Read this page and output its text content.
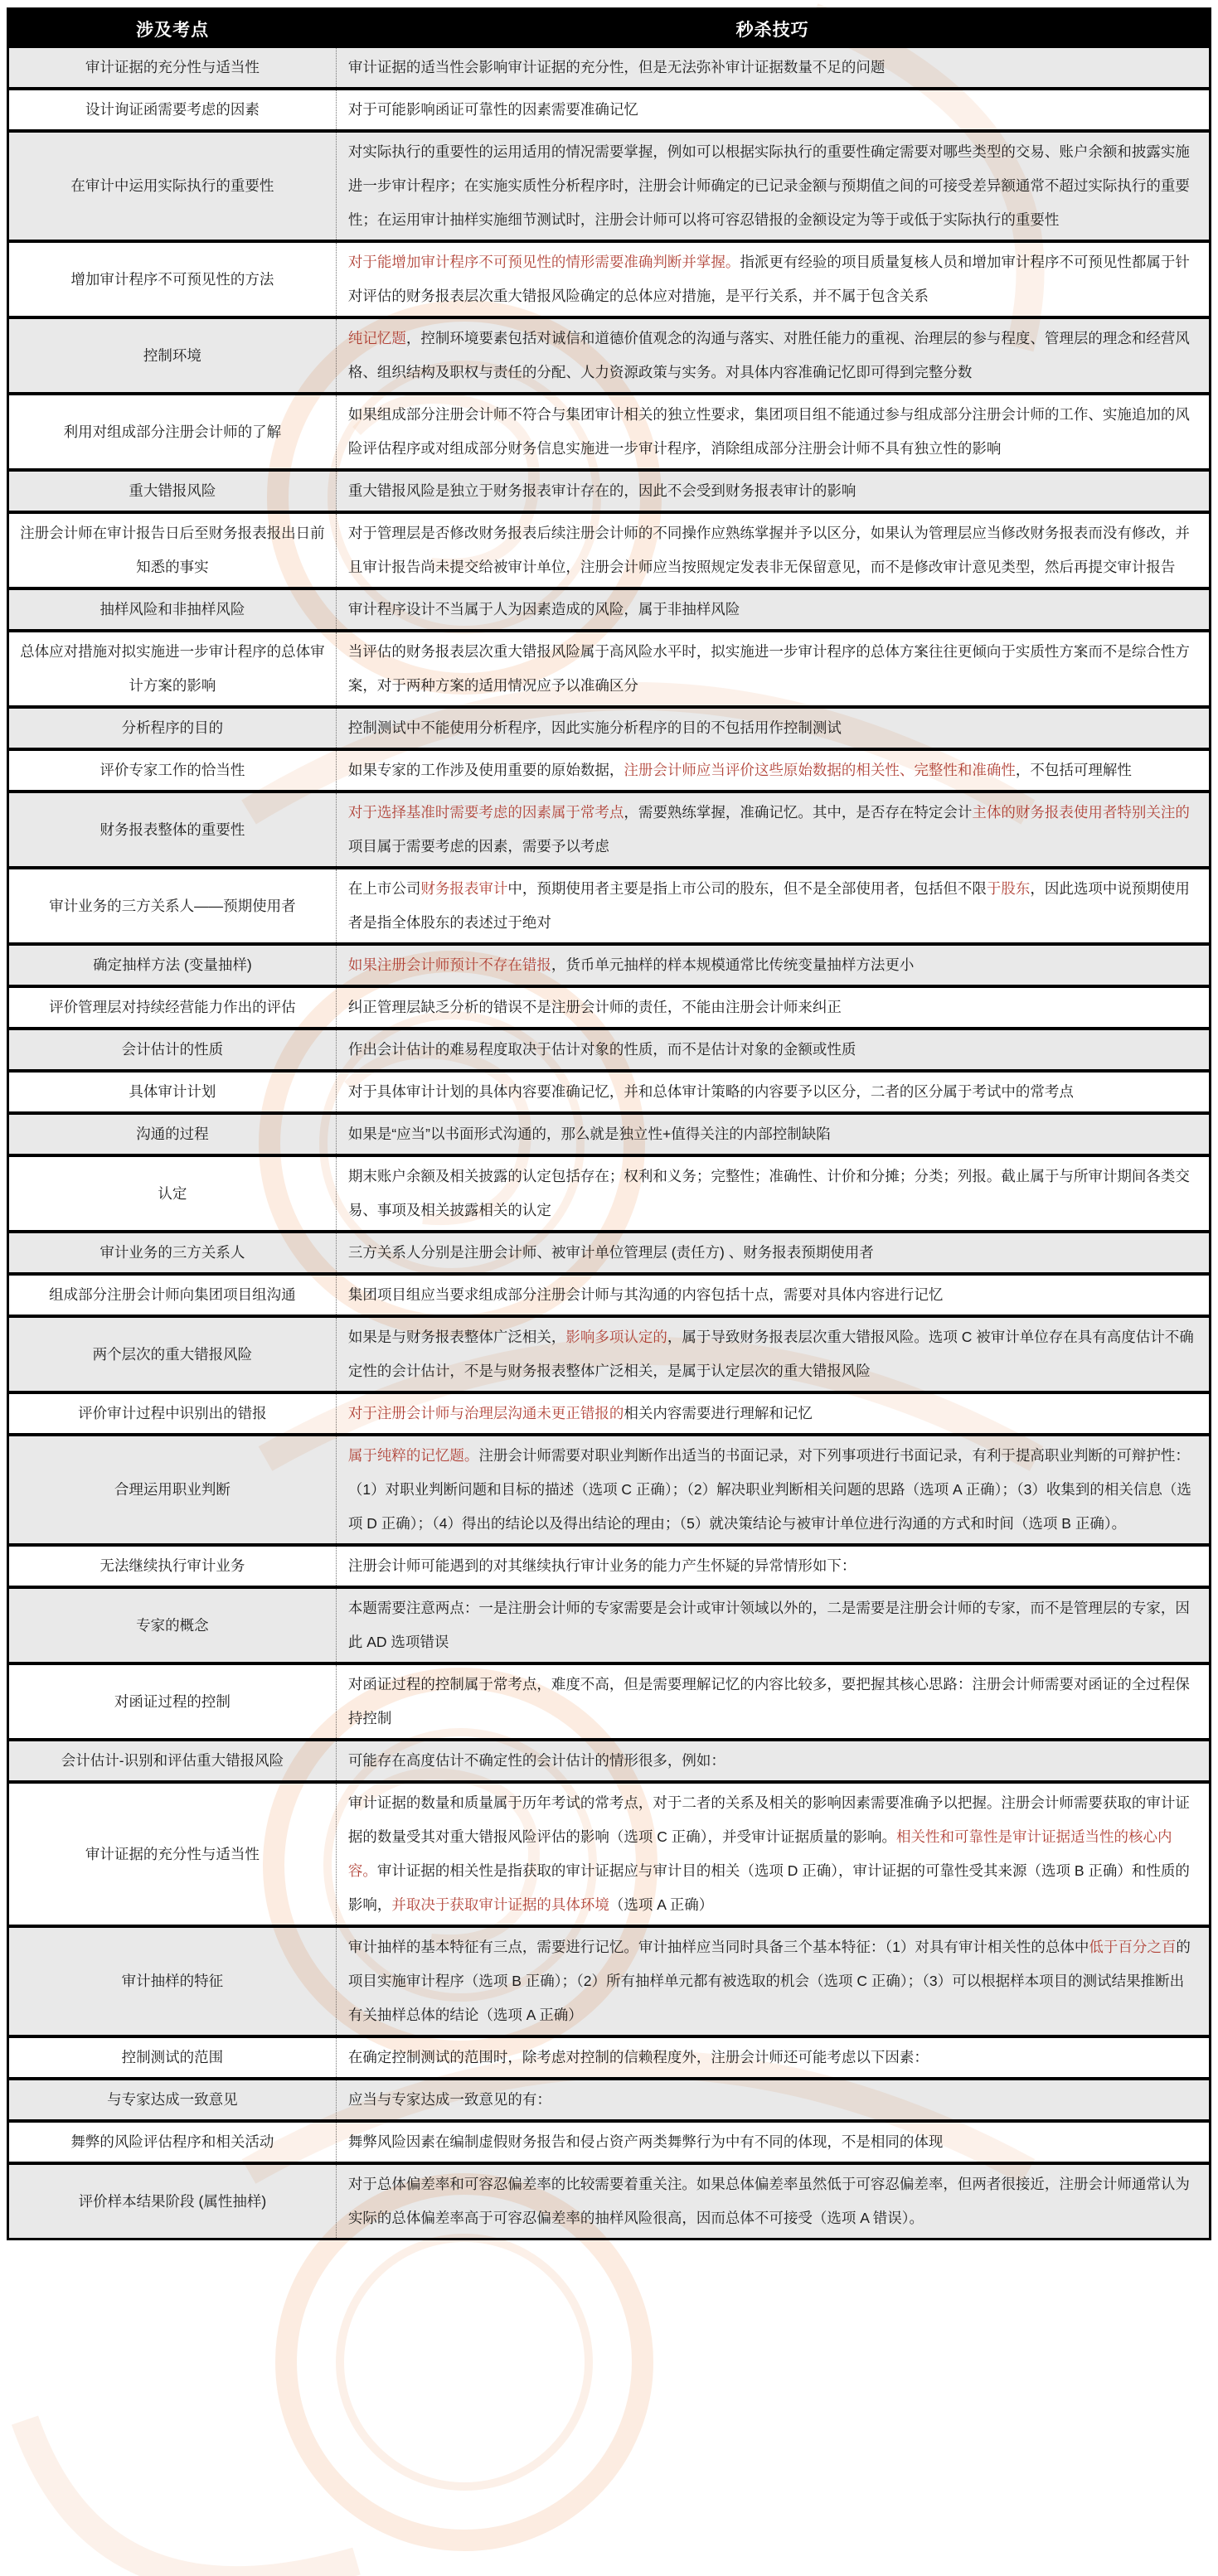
涉及考点	秒杀技巧
审计证据的充分性与适当性	审计证据的适当性会影响审计证据的充分性，但是无法弥补审计证据数量不足的问题
设计询证函需要考虑的因素	对于可能影响函证可靠性的因素需要准确记忆
在审计中运用实际执行的重要性	对实际执行的重要性的运用适用的情况需要掌握，例如可以根据实际执行的重要性确定需要对哪些类型的交易、账户余额和披露实施进一步审计程序；在实施实质性分析程序时，注册会计师确定的已记录金额与预期值之间的可接受差异额通常不超过实际执行的重要性；在运用审计抽样实施细节测试时，注册会计师可以将可容忍错报的金额设定为等于或低于实际执行的重要性
增加审计程序不可预见性的方法	对于能增加审计程序不可预见性的情形需要准确判断并掌握。指派更有经验的项目质量复核人员和增加审计程序不可预见性都属于针对评估的财务报表层次重大错报风险确定的总体应对措施，是平行关系，并不属于包含关系
控制环境	纯记忆题，控制环境要素包括对诚信和道德价值观念的沟通与落实、对胜任能力的重视、治理层的参与程度、管理层的理念和经营风格、组织结构及职权与责任的分配、人力资源政策与实务。对具体内容准确记忆即可得到完整分数
利用对组成部分注册会计师的了解	如果组成部分注册会计师不符合与集团审计相关的独立性要求，集团项目组不能通过参与组成部分注册会计师的工作、实施追加的风险评估程序或对组成部分财务信息实施进一步审计程序，消除组成部分注册会计师不具有独立性的影响
重大错报风险	重大错报风险是独立于财务报表审计存在的，因此不会受到财务报表审计的影响
注册会计师在审计报告日后至财务报表报出日前知悉的事实	对于管理层是否修改财务报表后续注册会计师的不同操作应熟练掌握并予以区分，如果认为管理层应当修改财务报表而没有修改，并且审计报告尚未提交给被审计单位，注册会计师应当按照规定发表非无保留意见，而不是修改审计意见类型，然后再提交审计报告
抽样风险和非抽样风险	审计程序设计不当属于人为因素造成的风险，属于非抽样风险
总体应对措施对拟实施进一步审计程序的总体审计方案的影响	当评估的财务报表层次重大错报风险属于高风险水平时，拟实施进一步审计程序的总体方案往往更倾向于实质性方案而不是综合性方案，对于两种方案的适用情况应予以准确区分
分析程序的目的	控制测试中不能使用分析程序，因此实施分析程序的目的不包括用作控制测试
评价专家工作的恰当性	如果专家的工作涉及使用重要的原始数据，注册会计师应当评价这些原始数据的相关性、完整性和准确性，不包括可理解性
财务报表整体的重要性	对于选择基准时需要考虑的因素属于常考点，需要熟练掌握，准确记忆。其中，是否存在特定会计主体的财务报表使用者特别关注的项目属于需要考虑的因素，需要予以考虑
审计业务的三方关系人——预期使用者	在上市公司财务报表审计中，预期使用者主要是指上市公司的股东，但不是全部使用者，包括但不限于股东，因此选项中说预期使用者是指全体股东的表述过于绝对
确定抽样方法 (变量抽样)	如果注册会计师预计不存在错报，货币单元抽样的样本规模通常比传统变量抽样方法更小
评价管理层对持续经营能力作出的评估	纠正管理层缺乏分析的错误不是注册会计师的责任，不能由注册会计师来纠正
会计估计的性质	作出会计估计的难易程度取决于估计对象的性质，而不是估计对象的金额或性质
具体审计计划	对于具体审计计划的具体内容要准确记忆，并和总体审计策略的内容要予以区分，二者的区分属于考试中的常考点
沟通的过程	如果是“应当”以书面形式沟通的，那么就是独立性+值得关注的内部控制缺陷
认定	期末账户余额及相关披露的认定包括存在；权利和义务；完整性；准确性、计价和分摊；分类；列报。截止属于与所审计期间各类交易、事项及相关披露相关的认定
审计业务的三方关系人	三方关系人分别是注册会计师、被审计单位管理层 (责任方) 、财务报表预期使用者
组成部分注册会计师向集团项目组沟通	集团项目组应当要求组成部分注册会计师与其沟通的内容包括十点，需要对具体内容进行记忆
两个层次的重大错报风险	如果是与财务报表整体广泛相关，影响多项认定的，属于导致财务报表层次重大错报风险。选项 C 被审计单位存在具有高度估计不确定性的会计估计，不是与财务报表整体广泛相关，是属于认定层次的重大错报风险
评价审计过程中识别出的错报	对于注册会计师与治理层沟通未更正错报的相关内容需要进行理解和记忆
合理运用职业判断	属于纯粹的记忆题。注册会计师需要对职业判断作出适当的书面记录，对下列事项进行书面记录，有利于提高职业判断的可辩护性：（1）对职业判断问题和目标的描述（选项 C 正确）；（2）解决职业判断相关问题的思路（选项 A 正确）；（3）收集到的相关信息（选项 D 正确）；（4）得出的结论以及得出结论的理由；（5）就决策结论与被审计单位进行沟通的方式和时间（选项 B 正确）。
无法继续执行审计业务	注册会计师可能遇到的对其继续执行审计业务的能力产生怀疑的异常情形如下：
专家的概念	本题需要注意两点：一是注册会计师的专家需要是会计或审计领域以外的，二是需要是注册会计师的专家，而不是管理层的专家，因此 AD 选项错误
对函证过程的控制	对函证过程的控制属于常考点，难度不高，但是需要理解记忆的内容比较多，要把握其核心思路：注册会计师需要对函证的全过程保持控制
会计估计-识别和评估重大错报风险	可能存在高度估计不确定性的会计估计的情形很多，例如：
审计证据的充分性与适当性	审计证据的数量和质量属于历年考试的常考点，对于二者的关系及相关的影响因素需要准确予以把握。注册会计师需要获取的审计证据的数量受其对重大错报风险评估的影响（选项 C 正确），并受审计证据质量的影响。相关性和可靠性是审计证据适当性的核心内容。审计证据的相关性是指获取的审计证据应与审计目的相关（选项 D 正确），审计证据的可靠性受其来源（选项 B 正确）和性质的影响，并取决于获取审计证据的具体环境（选项 A 正确）
审计抽样的特征	审计抽样的基本特征有三点，需要进行记忆。审计抽样应当同时具备三个基本特征：（1）对具有审计相关性的总体中低于百分之百的项目实施审计程序（选项 B 正确）；（2）所有抽样单元都有被选取的机会（选项 C 正确）；（3）可以根据样本项目的测试结果推断出有关抽样总体的结论（选项 A 正确）
控制测试的范围	在确定控制测试的范围时，除考虑对控制的信赖程度外，注册会计师还可能考虑以下因素：
与专家达成一致意见	应当与专家达成一致意见的有：
舞弊的风险评估程序和相关活动	舞弊风险因素在编制虚假财务报告和侵占资产两类舞弊行为中有不同的体现，不是相同的体现
评价样本结果阶段 (属性抽样)	对于总体偏差率和可容忍偏差率的比较需要着重关注。如果总体偏差率虽然低于可容忍偏差率，但两者很接近，注册会计师通常认为实际的总体偏差率高于可容忍偏差率的抽样风险很高，因而总体不可接受（选项 A 错误）。
